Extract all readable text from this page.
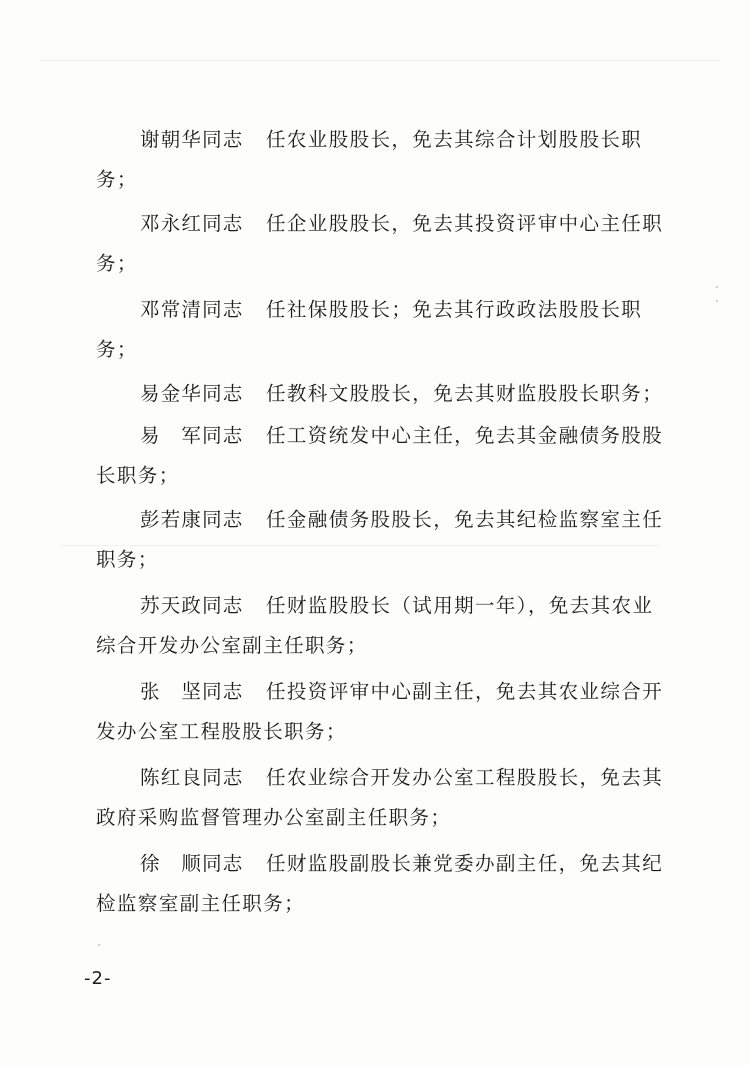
谢朝华同志 任农业股股长，免去其综合计划股股长职
务；
邓永红同志 任企业股股长，免去其投资评审中心主任职
务；
邓常清同志 任社保股股长；免去其行政政法股股长职
务；
易金华同志 任教科文股股长，免去其财监股股长职务；
易　军同志 任工资统发中心主任，免去其金融债务股股
长职务；
彭若康同志 任金融债务股股长，免去其纪检监察室主任
职务；
苏天政同志 任财监股股长（试用期一年），免去其农业
综合开发办公室副主任职务；
张　坚同志 任投资评审中心副主任，免去其农业综合开
发办公室工程股股长职务；
陈红良同志 任农业综合开发办公室工程股股长，免去其
政府采购监督管理办公室副主任职务；
徐　顺同志 任财监股副股长兼党委办副主任，免去其纪
检监察室副主任职务；
-2-
